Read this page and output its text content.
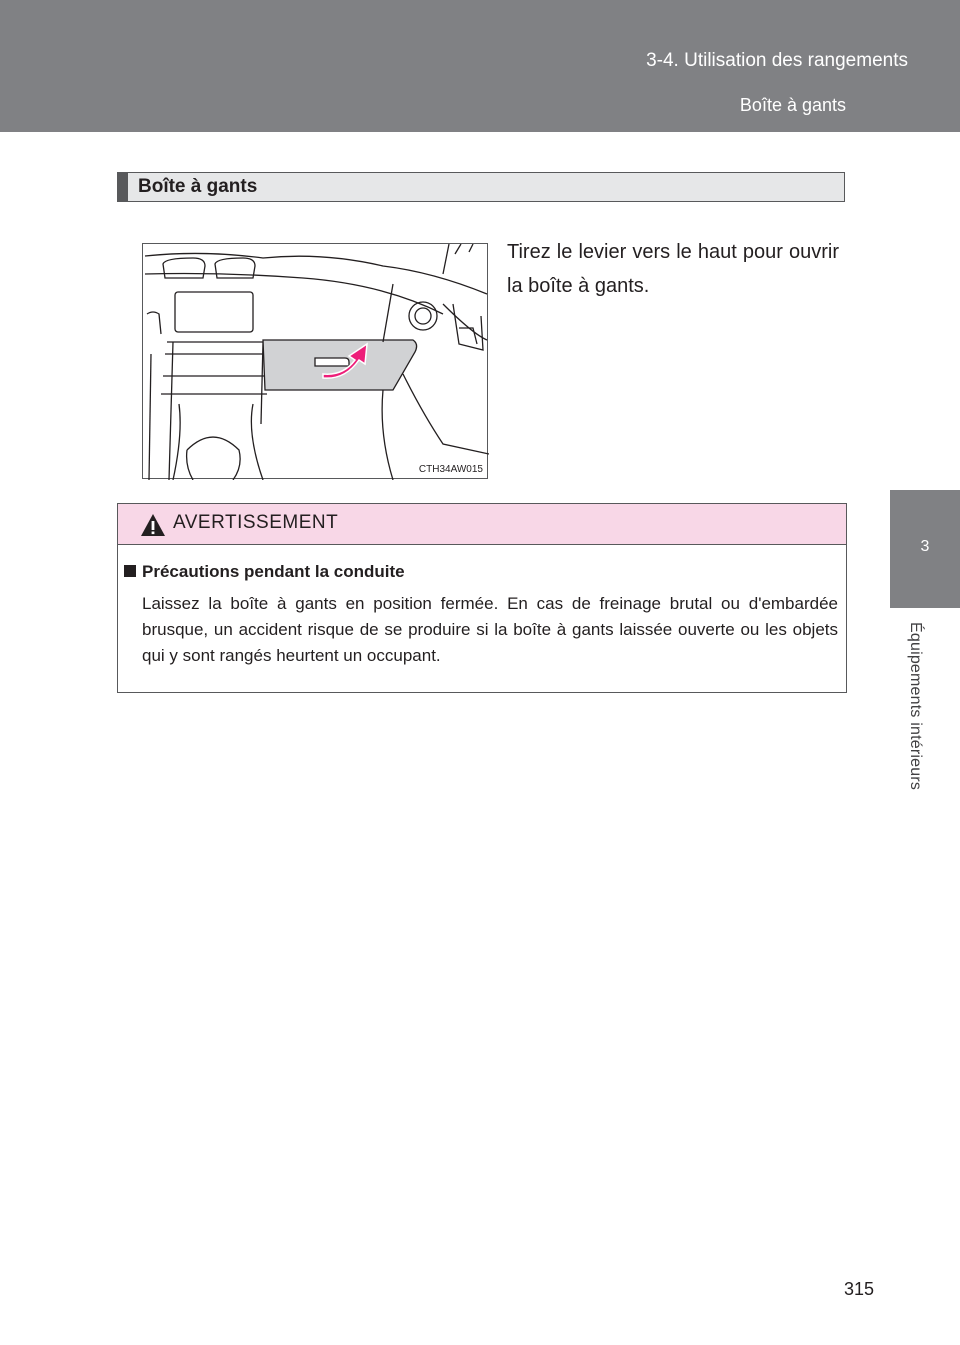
3-4. Utilisation des rangements
Boîte à gants
3
Équipements intérieurs
Boîte à gants
CTH34AW015
Tirez le levier vers le haut pour ouvrir la boîte à gants.
AVERTISSEMENT
Précautions pendant la conduite
Laissez la boîte à gants en position fermée. En cas de freinage brutal ou d'embardée brusque, un accident risque de se produire si la boîte à gants laissée ouverte ou les objets qui y sont rangés heurtent un occupant.
315
